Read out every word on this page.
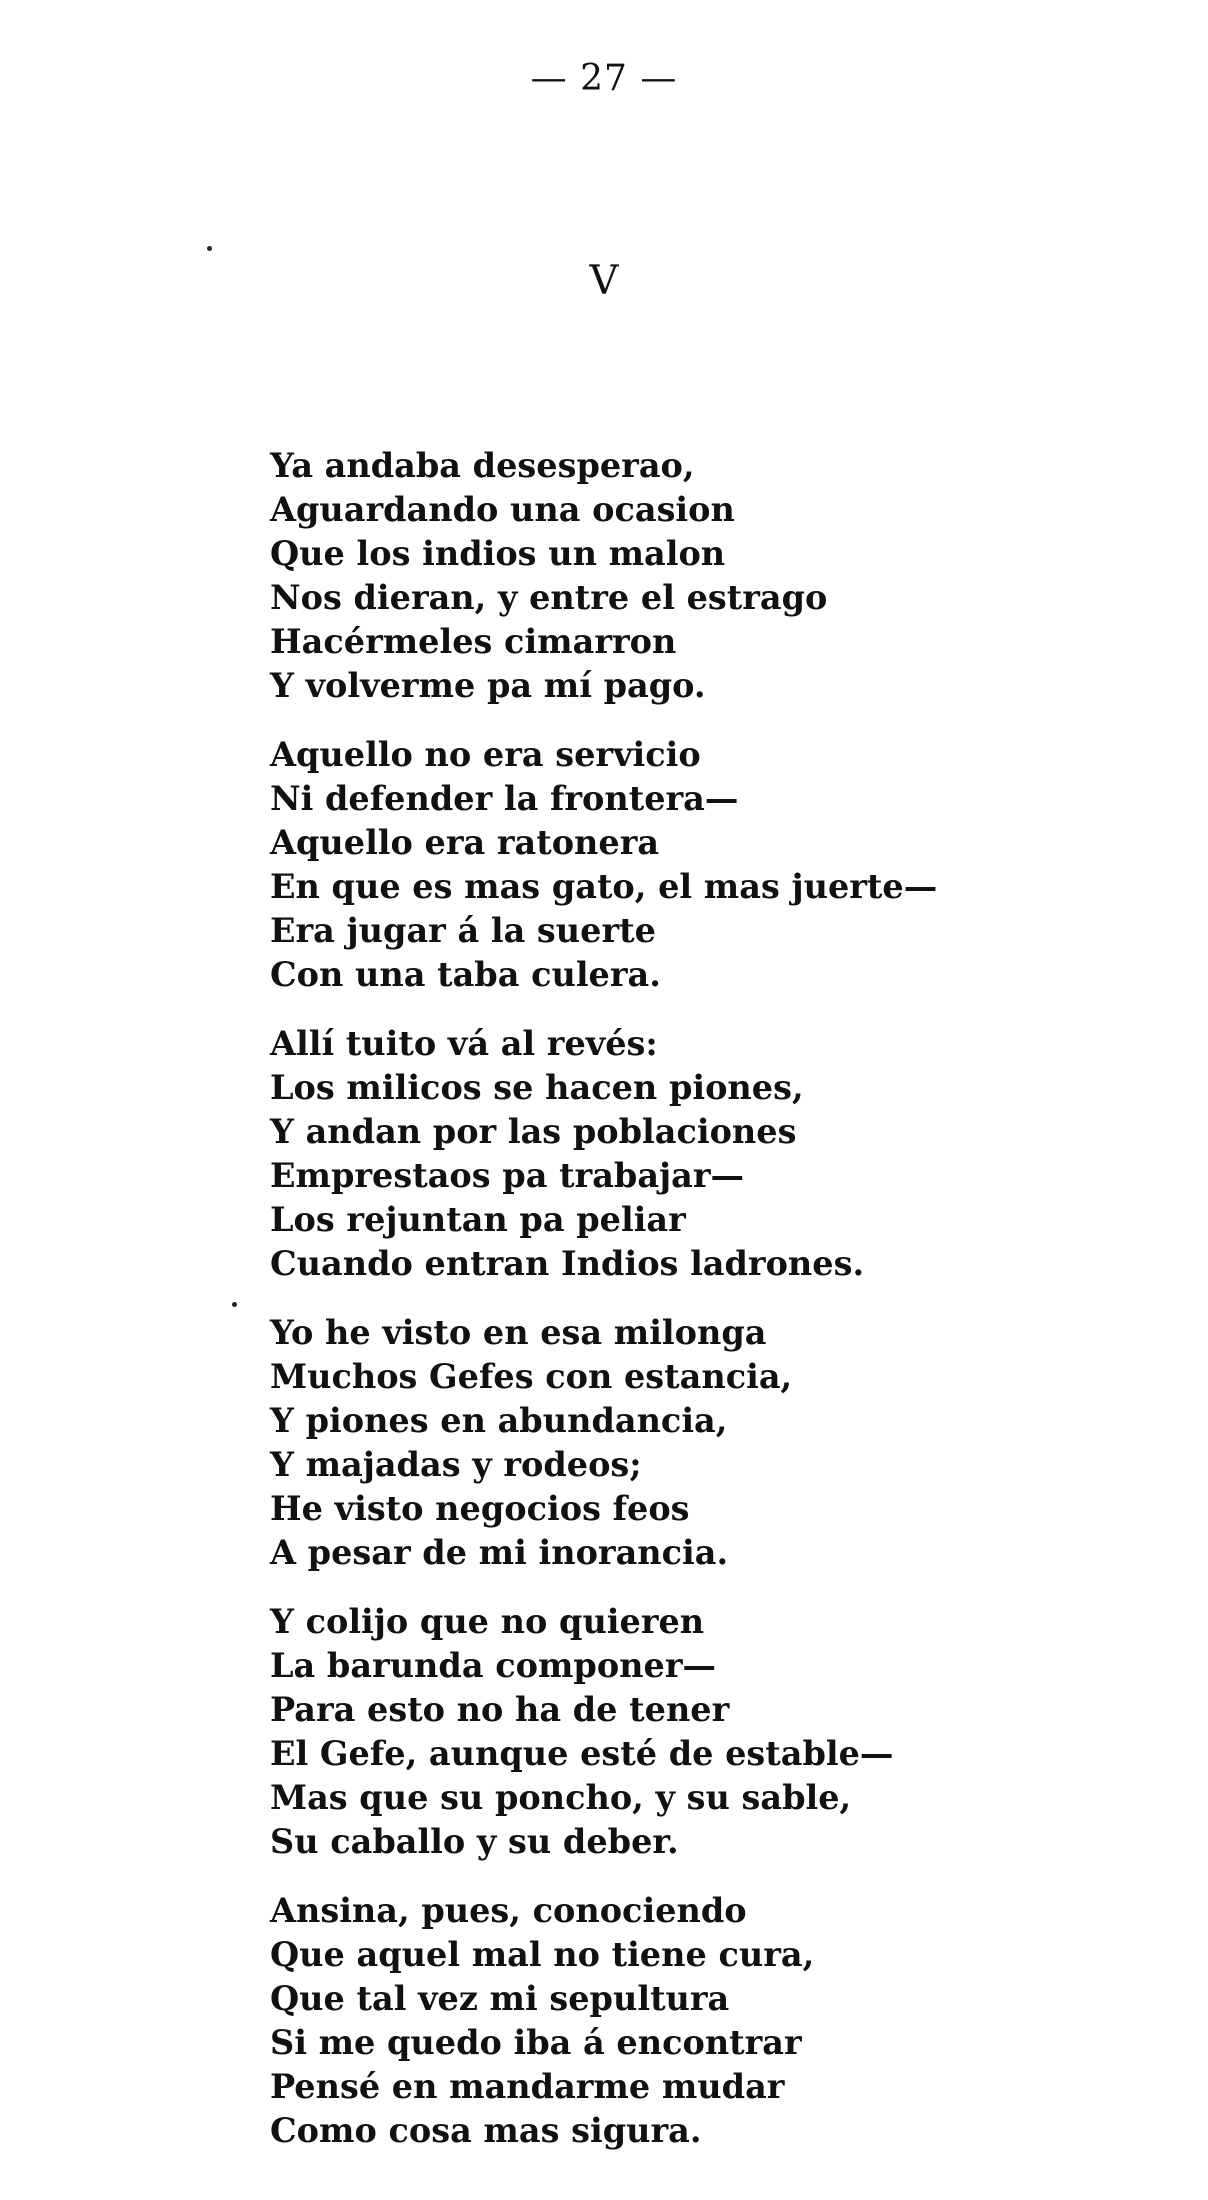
— 27 —
V
Ya andaba desesperao,
Aguardando una ocasion
Que los indios un malon
Nos dieran, y entre el estrago
Hacérmeles cimarron
Y volverme pa mí pago.
Aquello no era servicio
Ni defender la frontera—
Aquello era ratonera
En que es mas gato, el mas juerte—
Era jugar á la suerte
Con una taba culera.
Allí tuito vá al revés:
Los milicos se hacen piones,
Y andan por las poblaciones
Emprestaos pa trabajar—
Los rejuntan pa peliar
Cuando entran Indios ladrones.
Yo he visto en esa milonga
Muchos Gefes con estancia,
Y piones en abundancia,
Y majadas y rodeos;
He visto negocios feos
A pesar de mi inorancia.
Y colijo que no quieren
La barunda componer—
Para esto no ha de tener
El Gefe, aunque esté de estable—
Mas que su poncho, y su sable,
Su caballo y su deber.
Ansina, pues, conociendo
Que aquel mal no tiene cura,
Que tal vez mi sepultura
Si me quedo iba á encontrar
Pensé en mandarme mudar
Como cosa mas sigura.
